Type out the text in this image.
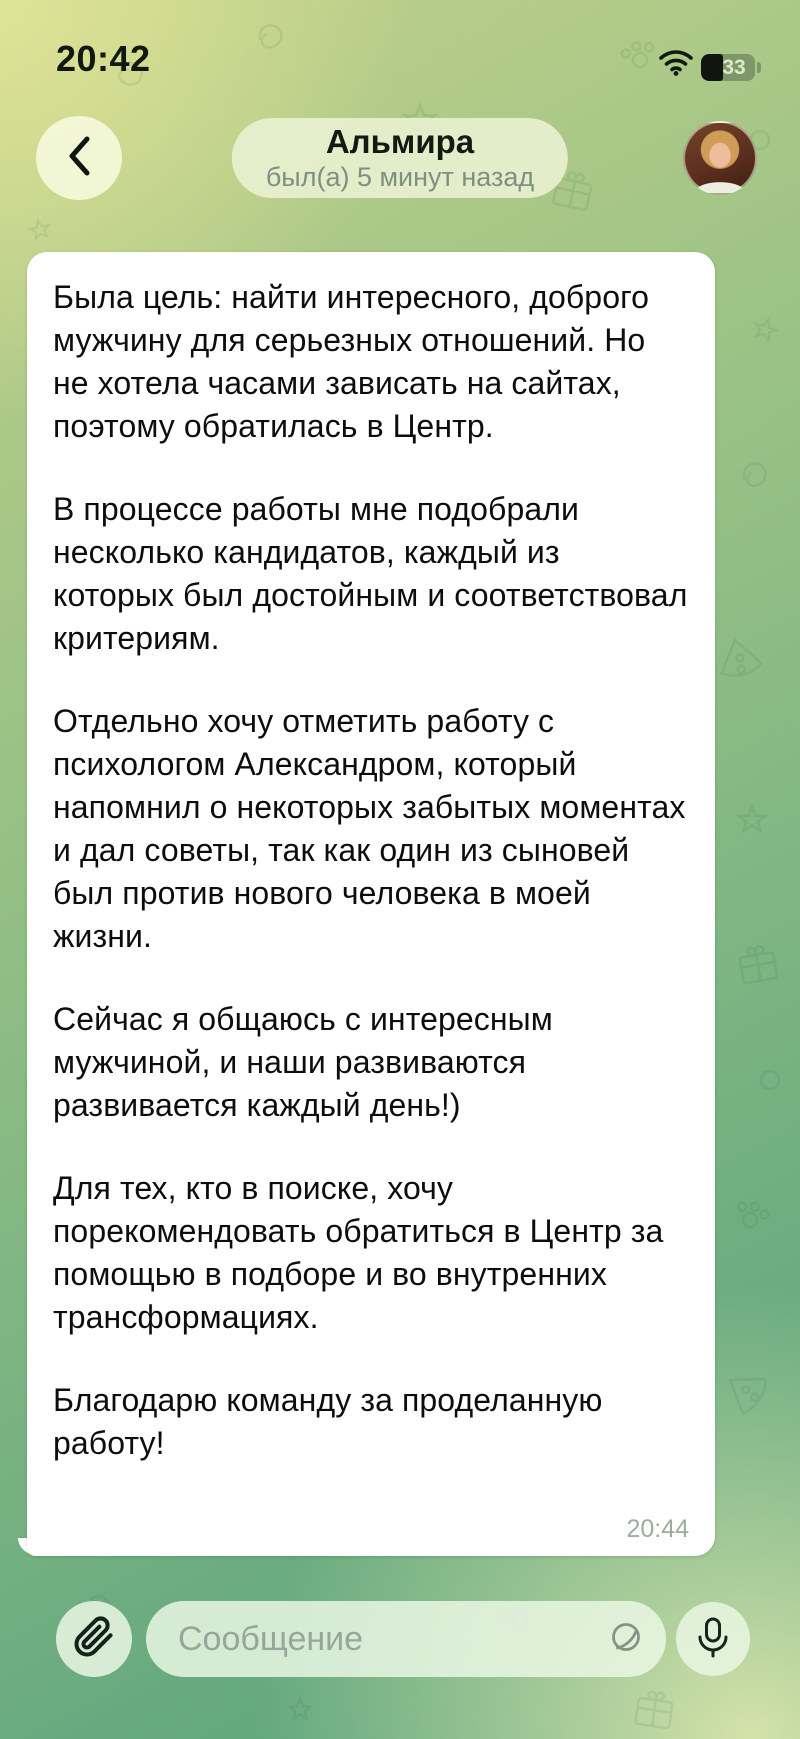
20:42	33
Альмира
был(а) 5 минут назад

Была цель: найти интересного, доброго мужчину для серьезных отношений. Но не хотела часами зависать на сайтах, поэтому обратилась в Центр.

В процессе работы мне подобрали несколько кандидатов, каждый из которых был достойным и соответствовал критериям.

Отдельно хочу отметить работу с психологом Александром, который напомнил о некоторых забытых моментах и дал советы, так как один из сыновей был против нового человека в моей жизни.

Сейчас я общаюсь с интересным мужчиной, и наши развиваются развивается каждый день!)

Для тех, кто в поиске, хочу порекомендовать обратиться в Центр за помощью в подборе и во внутренних трансформациях.

Благодарю команду за проделанную работу!

20:44
Сообщение
